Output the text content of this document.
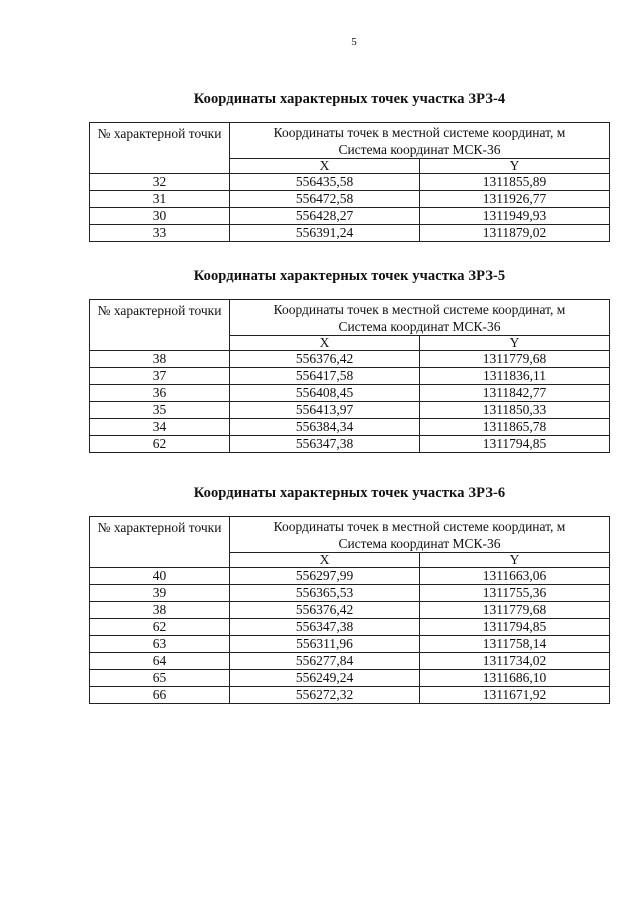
5
Координаты характерных точек участка ЗРЗ-4
№ характерной точки	Координаты точек в местной системе координат, м
Система координат МСК-36	

	X	Y
32	556435,58	1311855,89
31	556472,58	1311926,77
30	556428,27	1311949,93
33	556391,24	1311879,02
Координаты характерных точек участка ЗРЗ-5
№ характерной точки	Координаты точек в местной системе координат, м
Система координат МСК-36	

	X	Y
38	556376,42	1311779,68
37	556417,58	1311836,11
36	556408,45	1311842,77
35	556413,97	1311850,33
34	556384,34	1311865,78
62	556347,38	1311794,85
Координаты характерных точек участка ЗРЗ-6
№ характерной точки	Координаты точек в местной системе координат, м
Система координат МСК-36	

	X	Y
40	556297,99	1311663,06
39	556365,53	1311755,36
38	556376,42	1311779,68
62	556347,38	1311794,85
63	556311,96	1311758,14
64	556277,84	1311734,02
65	556249,24	1311686,10
66	556272,32	1311671,92
